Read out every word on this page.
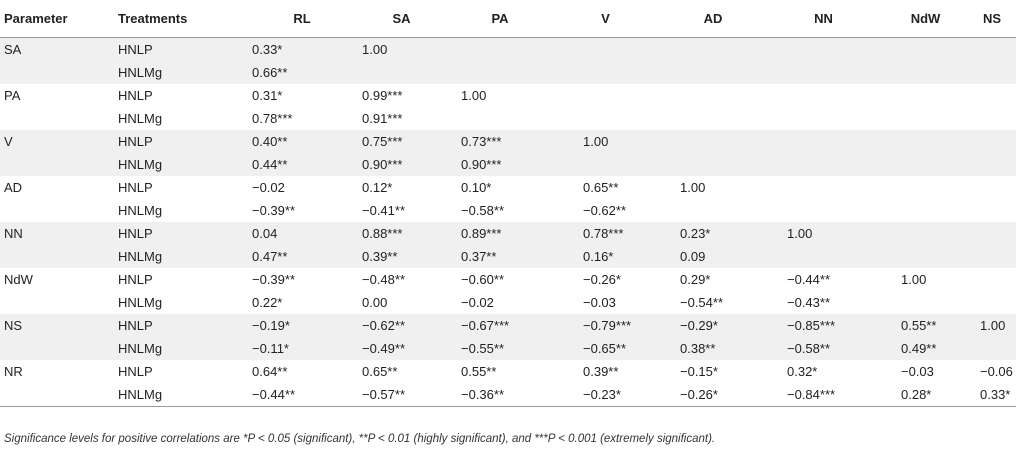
Parameter	Treatments	RL	SA	PA	V	AD	NN	NdW	NS
SA	HNLP	0.33*	1.00						
	HNLMg	0.66**							
PA	HNLP	0.31*	0.99***	1.00					
	HNLMg	0.78***	0.91***						
V	HNLP	0.40**	0.75***	0.73***	1.00				
	HNLMg	0.44**	0.90***	0.90***					
AD	HNLP	−0.02	0.12*	0.10*	0.65**	1.00			
	HNLMg	−0.39**	−0.41**	−0.58**	−0.62**				
NN	HNLP	0.04	0.88***	0.89***	0.78***	0.23*	1.00		
	HNLMg	0.47**	0.39**	0.37**	0.16*	0.09			
NdW	HNLP	−0.39**	−0.48**	−0.60**	−0.26*	0.29*	−0.44**	1.00	
	HNLMg	0.22*	0.00	−0.02	−0.03	−0.54**	−0.43**		
NS	HNLP	−0.19*	−0.62**	−0.67***	−0.79***	−0.29*	−0.85***	0.55**	1.00
	HNLMg	−0.11*	−0.49**	−0.55**	−0.65**	0.38**	−0.58**	0.49**	
NR	HNLP	0.64**	0.65**	0.55**	0.39**	−0.15*	0.32*	−0.03	−0.06
	HNLMg	−0.44**	−0.57**	−0.36**	−0.23*	−0.26*	−0.84***	0.28*	0.33*
Significance levels for positive correlations are *P < 0.05 (significant), **P < 0.01 (highly significant), and ***P < 0.001 (extremely significant).
